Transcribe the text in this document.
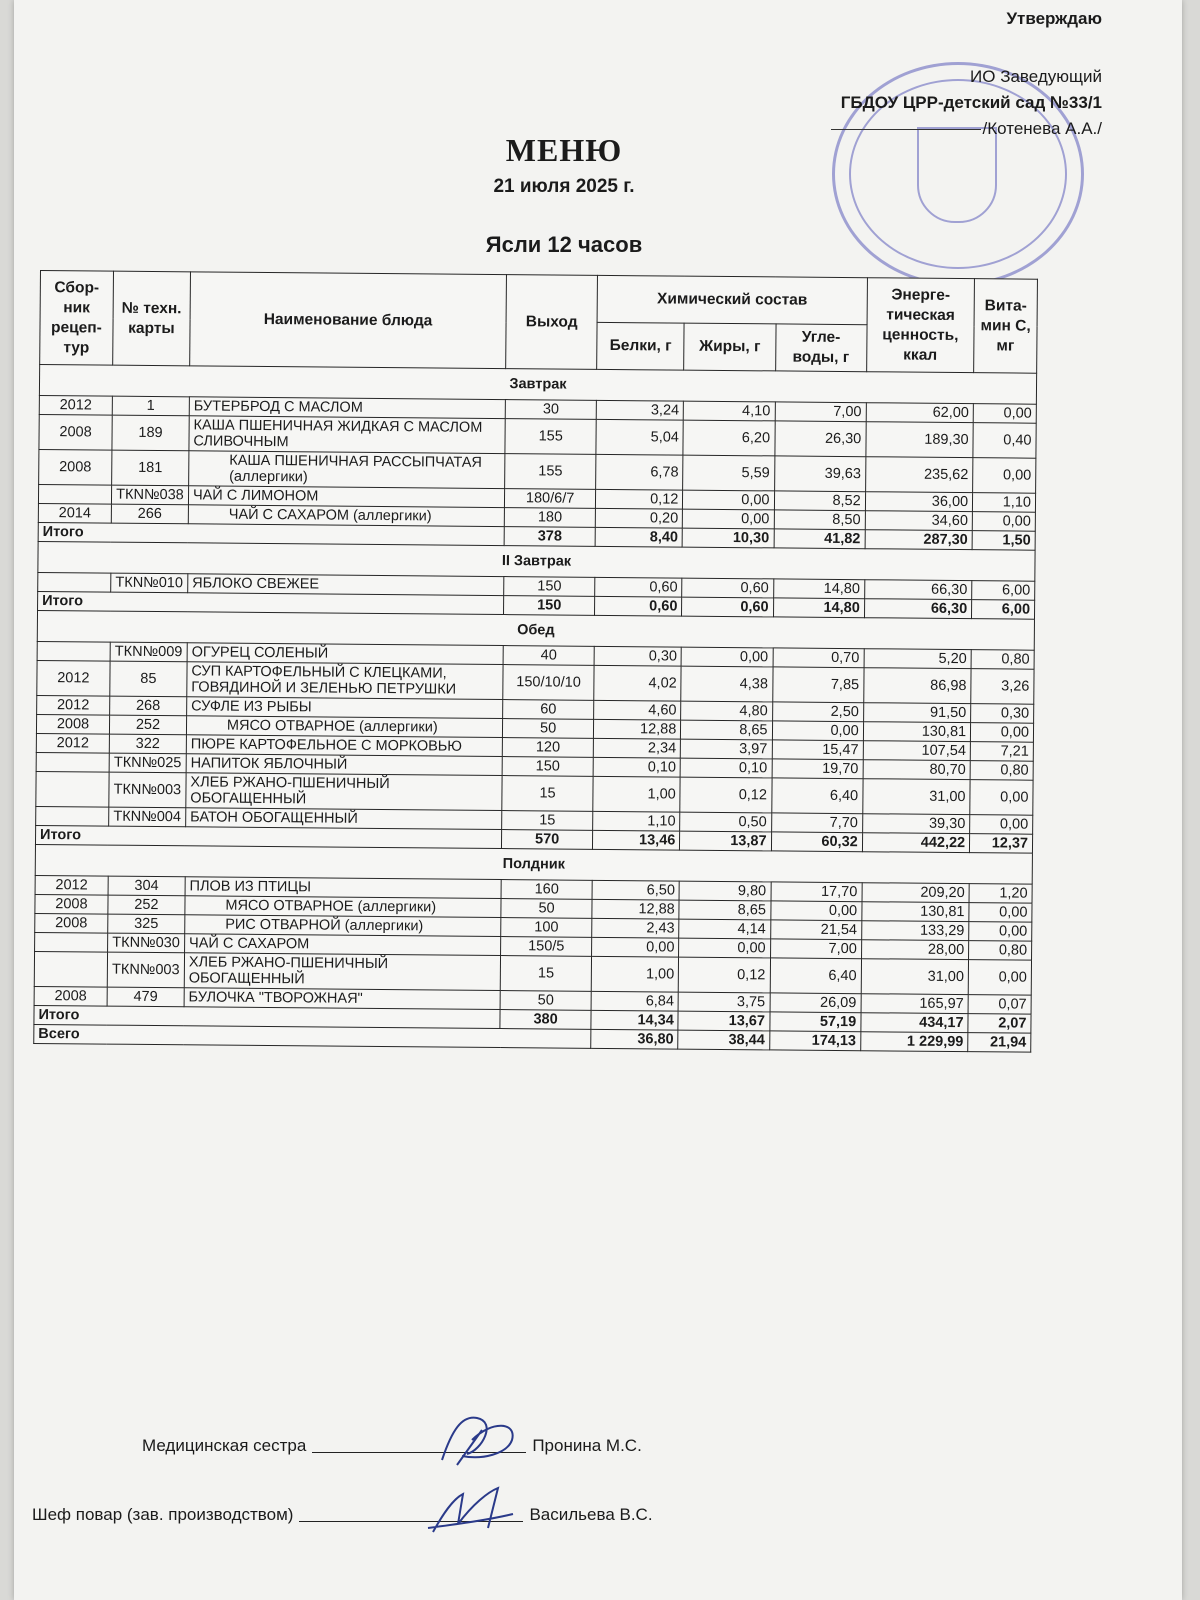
Утверждаю
ИО Заведующий
ГБДОУ ЦРР-детский сад №33/1
/Котенева А.А./
МЕНЮ
21 июля 2025 г.
Ясли 12 часов
Сбор-ник рецеп-тур	№ техн. карты	Наименование блюда	Выход	Химический состав			Энерге-тическая ценность, ккал	Вита-мин С, мг
				Белки, г	Жиры, г	Угле-воды, г		
Завтрак								
2012	1	БУТЕРБРОД С МАСЛОМ	30	3,24	4,10	7,00	62,00	0,00
2008	189	КАША ПШЕНИЧНАЯ ЖИДКАЯ С МАСЛОМ СЛИВОЧНЫМ	155	5,04	6,20	26,30	189,30	0,40
2008	181	КАША ПШЕНИЧНАЯ РАССЫПЧАТАЯ (аллергики)	155	6,78	5,59	39,63	235,62	0,00
	ТКN№038	ЧАЙ С ЛИМОНОМ	180/6/7	0,12	0,00	8,52	36,00	1,10
2014	266	ЧАЙ С САХАРОМ (аллергики)	180	0,20	0,00	8,50	34,60	0,00
Итого			378	8,40	10,30	41,82	287,30	1,50
II Завтрак								
	ТКN№010	ЯБЛОКО СВЕЖЕЕ	150	0,60	0,60	14,80	66,30	6,00
Итого			150	0,60	0,60	14,80	66,30	6,00
Обед								
	ТКN№009	ОГУРЕЦ СОЛЕНЫЙ	40	0,30	0,00	0,70	5,20	0,80
2012	85	СУП КАРТОФЕЛЬНЫЙ С КЛЕЦКАМИ, ГОВЯДИНОЙ И ЗЕЛЕНЬЮ ПЕТРУШКИ	150/10/10	4,02	4,38	7,85	86,98	3,26
2012	268	СУФЛЕ ИЗ РЫБЫ	60	4,60	4,80	2,50	91,50	0,30
2008	252	МЯСО ОТВАРНОЕ (аллергики)	50	12,88	8,65	0,00	130,81	0,00
2012	322	ПЮРЕ КАРТОФЕЛЬНОЕ С МОРКОВЬЮ	120	2,34	3,97	15,47	107,54	7,21
	ТКN№025	НАПИТОК ЯБЛОЧНЫЙ	150	0,10	0,10	19,70	80,70	0,80
	ТКN№003	ХЛЕБ РЖАНО-ПШЕНИЧНЫЙ ОБОГАЩЕННЫЙ	15	1,00	0,12	6,40	31,00	0,00
	ТКN№004	БАТОН ОБОГАЩЕННЫЙ	15	1,10	0,50	7,70	39,30	0,00
Итого			570	13,46	13,87	60,32	442,22	12,37
Полдник								
2012	304	ПЛОВ ИЗ ПТИЦЫ	160	6,50	9,80	17,70	209,20	1,20
2008	252	МЯСО ОТВАРНОЕ (аллергики)	50	12,88	8,65	0,00	130,81	0,00
2008	325	РИС ОТВАРНОЙ (аллергики)	100	2,43	4,14	21,54	133,29	0,00
	ТКN№030	ЧАЙ С САХАРОМ	150/5	0,00	0,00	7,00	28,00	0,80
	ТКN№003	ХЛЕБ РЖАНО-ПШЕНИЧНЫЙ ОБОГАЩЕННЫЙ	15	1,00	0,12	6,40	31,00	0,00
2008	479	БУЛОЧКА "ТВОРОЖНАЯ"	50	6,84	3,75	26,09	165,97	0,07
Итого			380	14,34	13,67	57,19	434,17	2,07
Всего				36,80	38,44	174,13	1 229,99	21,94
Медицинская сестра	Пронина М.С.
Шеф повар (зав. производством)	Васильева В.С.
